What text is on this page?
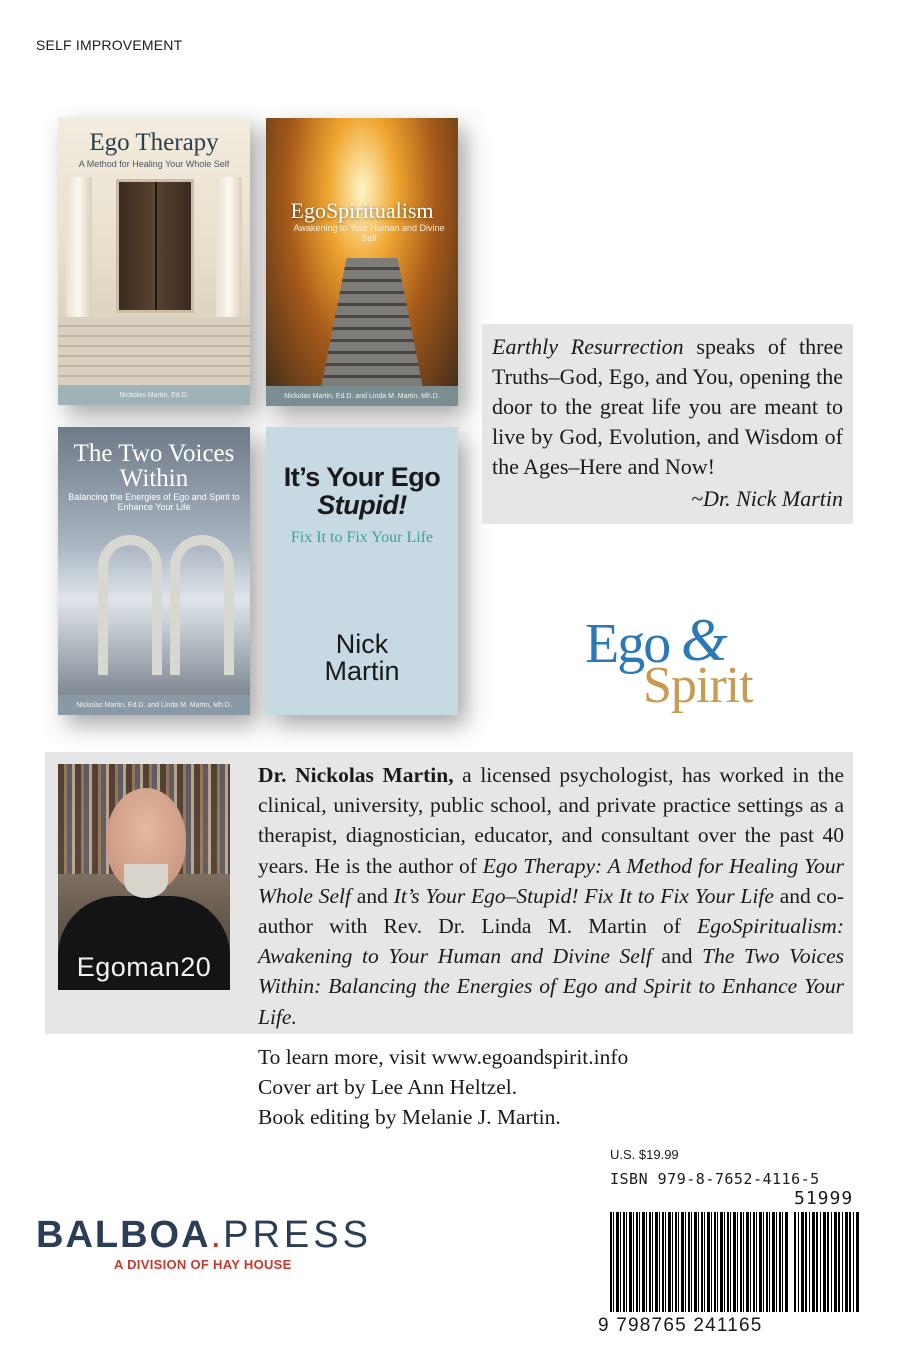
SELF IMPROVEMENT
Ego Therapy
A Method for Healing Your Whole Self
Nickolas Martin, Ed.D.
EgoSpiritualism
Awakening to Your Human and Divine Self
Nickolas Martin, Ed.D. and Linda M. Martin, Mh.D.
The Two Voices Within
Balancing the Energies of Ego and Spirit to Enhance Your Life
Nickolas Martin, Ed.D. and Linda M. Martin, Mh.D.
It’s Your Ego
Stupid!
Fix It to Fix Your Life
Nick
Martin
Earthly Resurrection speaks of three Truths–God, Ego, and You, opening the door to the great life you are meant to live by God, Evolution, and Wisdom of the Ages–Here and Now!
~Dr. Nick Martin
Ego &
Spirit
Egoman20
Dr. Nickolas Martin, a licensed psychologist, has worked in the clinical, university, public school, and private practice settings as a therapist, diagnostician, educator, and consultant over the past 40 years. He is the author of Ego Therapy: A Method for Healing Your Whole Self and It’s Your Ego–Stupid! Fix It to Fix Your Life and co-author with Rev. Dr. Linda M. Martin of EgoSpiritualism: Awakening to Your Human and Divine Self and The Two Voices Within: Balancing the Energies of Ego and Spirit to Enhance Your Life.
To learn more, visit www.egoandspirit.info
Cover art by Lee Ann Heltzel.
Book editing by Melanie J. Martin.
BALBOA.PRESS
A DIVISION OF HAY HOUSE
U.S. $19.99
ISBN 979-8-7652-4116-5
51999
9 798765 241165
